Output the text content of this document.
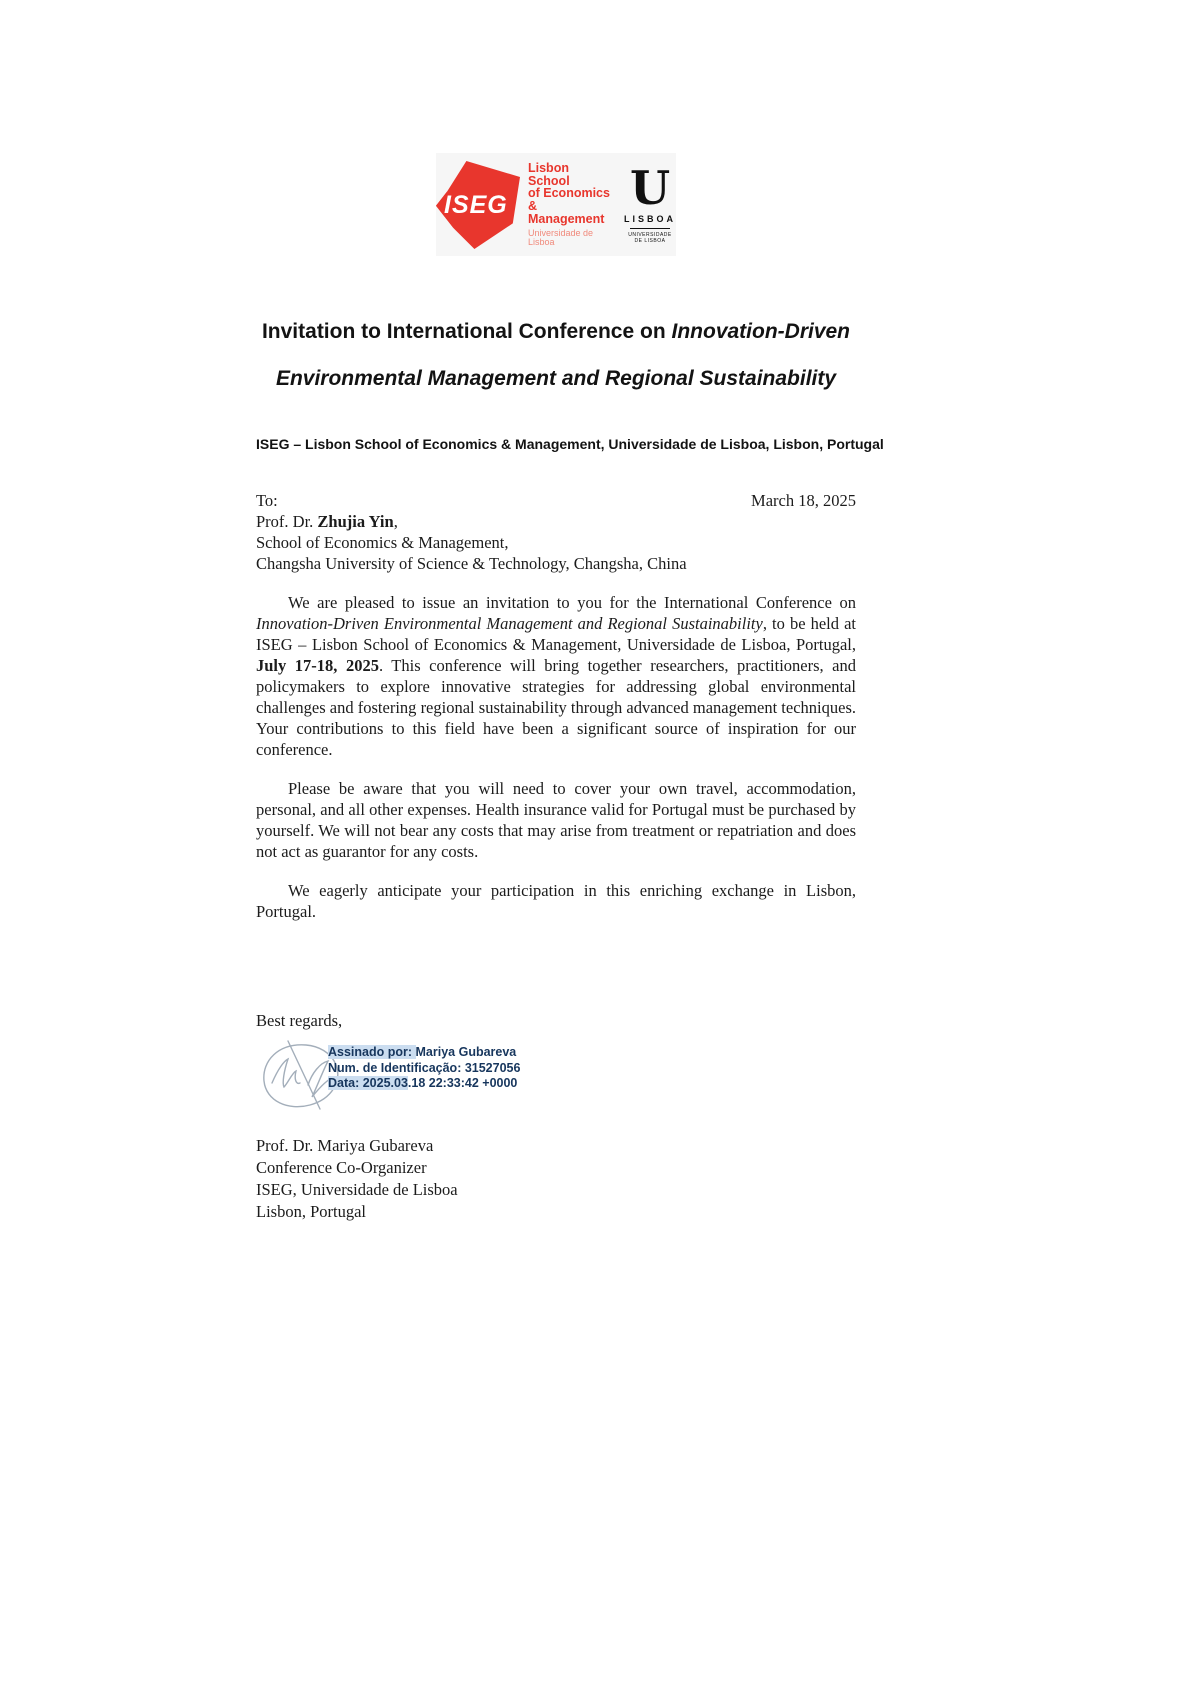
ISEG
Lisbon School
of Economics
& Management
Universidade de Lisboa
U
LISBOA
UNIVERSIDADE
DE LISBOA
Invitation to International Conference on Innovation-Driven
Environmental Management and Regional Sustainability
ISEG – Lisbon School of Economics & Management, Universidade de Lisboa, Lisbon, Portugal
To:	March 18, 2025
Prof. Dr. Zhujia Yin,
School of Economics & Management,
Changsha University of Science & Technology, Changsha, China

We are pleased to issue an invitation to you for the International Conference on Innovation-Driven Environmental Management and Regional Sustainability, to be held at ISEG – Lisbon School of Economics & Management, Universidade de Lisboa, Portugal, July 17-18, 2025. This conference will bring together researchers, practitioners, and policymakers to explore innovative strategies for addressing global environmental challenges and fostering regional sustainability through advanced management techniques. Your contributions to this field have been a significant source of inspiration for our conference.

Please be aware that you will need to cover your own travel, accommodation, personal, and all other expenses. Health insurance valid for Portugal must be purchased by yourself. We will not bear any costs that may arise from treatment or repatriation and does not act as guarantor for any costs.

We eagerly anticipate your participation in this enriching exchange in Lisbon, Portugal.

Best regards,
Assinado por: Mariya Gubareva
Num. de Identificação: 31527056
Data: 2025.03.18 22:33:42 +0000
Prof. Dr. Mariya Gubareva
Conference Co-Organizer
ISEG, Universidade de Lisboa
Lisbon, Portugal
